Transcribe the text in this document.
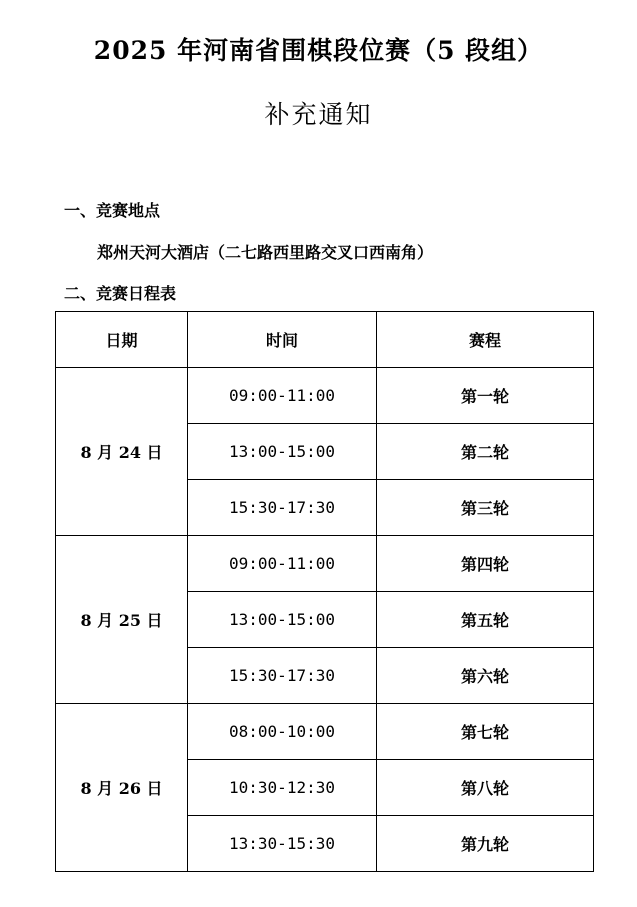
2025 年河南省围棋段位赛（5 段组）
补充通知
一、竞赛地点
郑州天河大酒店（二七路西里路交叉口西南角）
二、竞赛日程表
日期	时间	赛程
8 月 24 日	09:00-11:00	第一轮
	13:00-15:00	第二轮
	15:30-17:30	第三轮
8 月 25 日	09:00-11:00	第四轮
	13:00-15:00	第五轮
	15:30-17:30	第六轮
8 月 26 日	08:00-10:00	第七轮
	10:30-12:30	第八轮
	13:30-15:30	第九轮
